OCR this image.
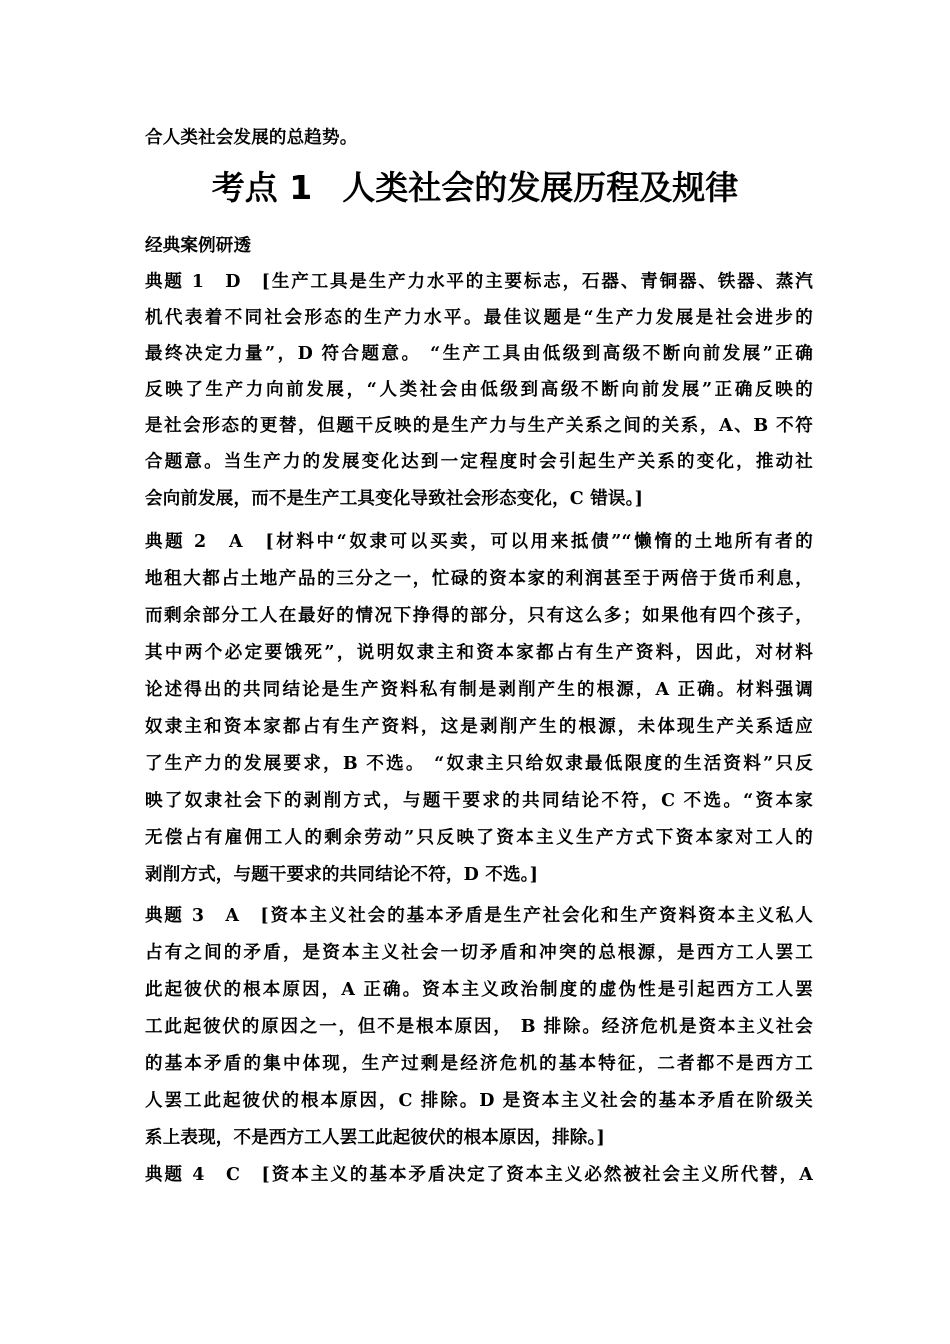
合人类社会发展的总趋势。
考点 1 人类社会的发展历程及规律
经典案例研透
典题 1　D　 [生产工具是生产力水平的主要标志，石器、青铜器、铁器、蒸汽
机代表着不同社会形态的生产力水平。最佳议题是“生产力发展是社会进步的
最终决定力量”，D 符合题意。 “生产工具由低级到高级不断向前发展”正确
反映了生产力向前发展，“人类社会由低级到高级不断向前发展”正确反映的
是社会形态的更替，但题干反映的是生产力与生产关系之间的关系，A、B 不符
合题意。当生产力的发展变化达到一定程度时会引起生产关系的变化，推动社
会向前发展，而不是生产工具变化导致社会形态变化，C 错误。]
典题 2　A　 [材料中“奴隶可以买卖，可以用来抵债”“懒惰的土地所有者的
地租大都占土地产品的三分之一，忙碌的资本家的利润甚至于两倍于货币利息，
而剩余部分工人在最好的情况下挣得的部分，只有这么多；如果他有四个孩子，
其中两个必定要饿死”，说明奴隶主和资本家都占有生产资料，因此，对材料
论述得出的共同结论是生产资料私有制是剥削产生的根源，A 正确。材料强调
奴隶主和资本家都占有生产资料，这是剥削产生的根源，未体现生产关系适应
了生产力的发展要求，B 不选。 “奴隶主只给奴隶最低限度的生活资料”只反
映了奴隶社会下的剥削方式，与题干要求的共同结论不符，C 不选。“资本家
无偿占有雇佣工人的剩余劳动”只反映了资本主义生产方式下资本家对工人的
剥削方式，与题干要求的共同结论不符，D 不选。]
典题 3　A　 [资本主义社会的基本矛盾是生产社会化和生产资料资本主义私人
占有之间的矛盾，是资本主义社会一切矛盾和冲突的总根源，是西方工人罢工
此起彼伏的根本原因，A 正确。资本主义政治制度的虚伪性是引起西方工人罢
工此起彼伏的原因之一，但不是根本原因， B 排除。经济危机是资本主义社会
的基本矛盾的集中体现，生产过剩是经济危机的基本特征，二者都不是西方工
人罢工此起彼伏的根本原因，C 排除。D 是资本主义社会的基本矛盾在阶级关
系上表现，不是西方工人罢工此起彼伏的根本原因，排除。]
典题 4　C　 [资本主义的基本矛盾决定了资本主义必然被社会主义所代替，A
